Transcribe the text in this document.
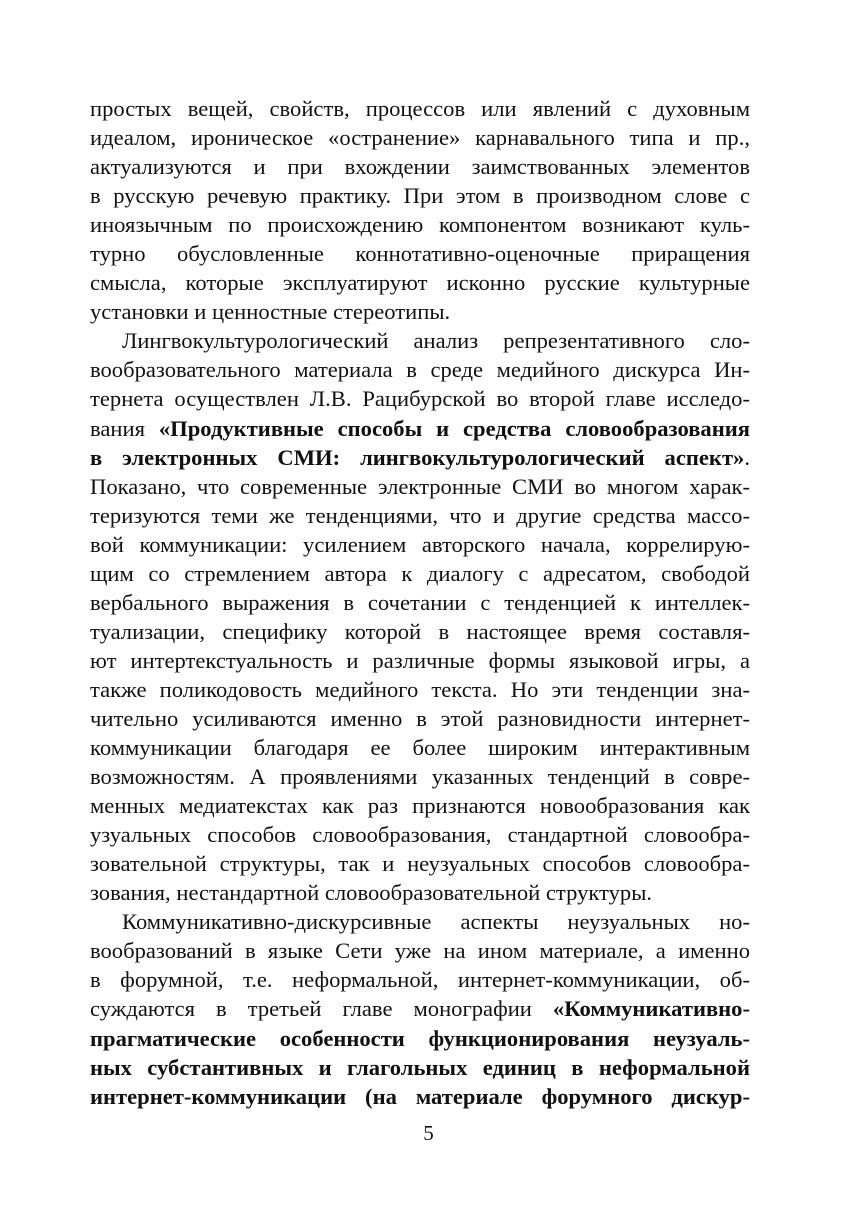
простых вещей, свойств, процессов или явлений с духовным
идеалом, ироническое «остранение» карнавального типа и пр.,
актуализуются и при вхождении заимствованных элементов
в русскую речевую практику. При этом в производном слове с
иноязычным по происхождению компонентом возникают куль-
турно обусловленные коннотативно-оценочные приращения
смысла, которые эксплуатируют исконно русские культурные
установки и ценностные стереотипы.
Лингвокультурологический анализ репрезентативного сло-
вообразовательного материала в среде медийного дискурса Ин-
тернета осуществлен Л.В. Рацибурской во второй главе исследо-
вания «Продуктивные способы и средства словообразования
в электронных СМИ: лингвокультурологический аспект».
Показано, что современные электронные СМИ во многом харак-
теризуются теми же тенденциями, что и другие средства массо-
вой коммуникации: усилением авторского начала, коррелирую-
щим со стремлением автора к диалогу с адресатом, свободой
вербального выражения в сочетании с тенденцией к интеллек-
туализации, специфику которой в настоящее время составля-
ют интертекстуальность и различные формы языковой игры, а
также поликодовость медийного текста. Но эти тенденции зна-
чительно усиливаются именно в этой разновидности интернет-
коммуникации благодаря ее более широким интерактивным
возможностям. А проявлениями указанных тенденций в совре-
менных медиатекстах как раз признаются новообразования как
узуальных способов словообразования, стандартной словообра-
зовательной структуры, так и неузуальных способов словообра-
зования, нестандартной словообразовательной структуры.
Коммуникативно-дискурсивные аспекты неузуальных но-
вообразований в языке Сети уже на ином материале, а именно
в форумной, т.е. неформальной, интернет-коммуникации, об-
суждаются в третьей главе монографии «Коммуникативно-
прагматические особенности функционирования неузуаль-
ных субстантивных и глагольных единиц в неформальной
интернет-коммуникации (на материале форумного дискур-
5
